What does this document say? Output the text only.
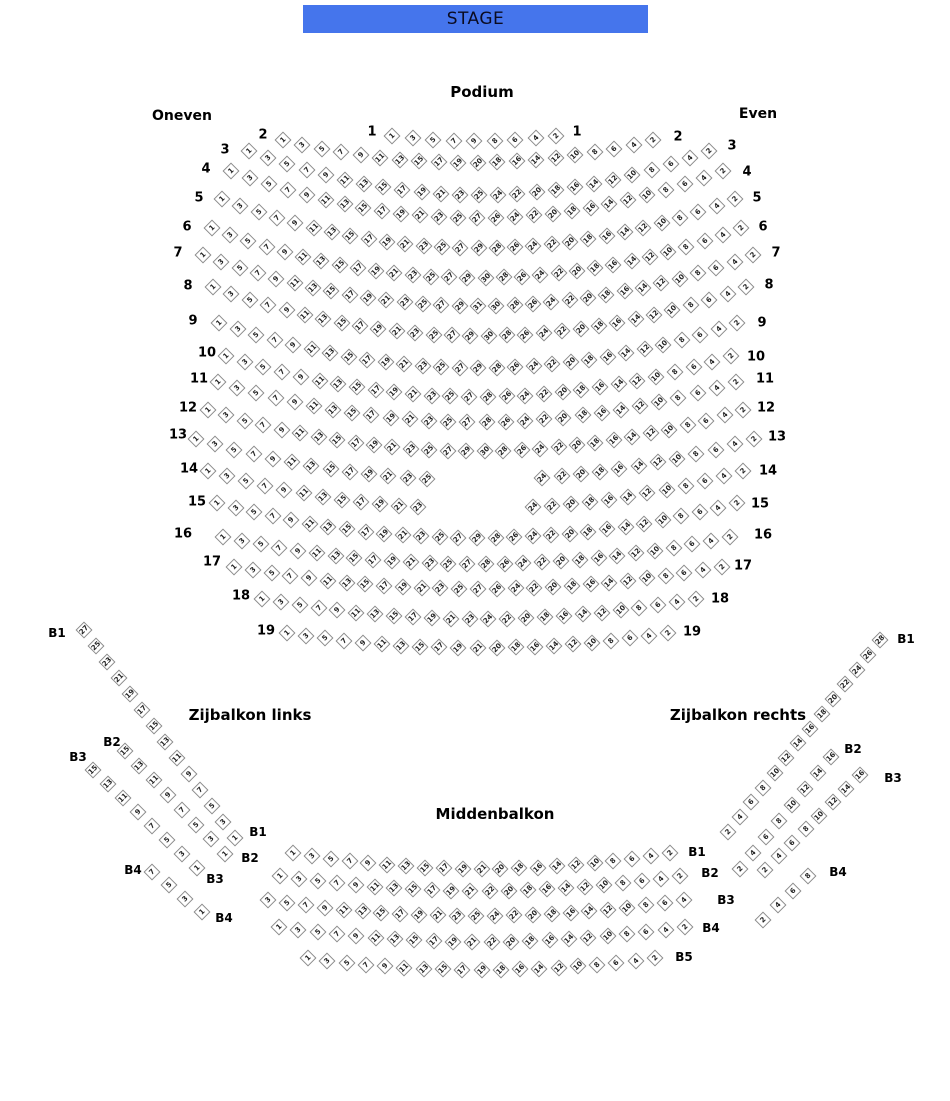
STAGE
Podium
Oneven	Even
Zijbalkon links	Zijbalkon rechts
Middenbalkon
1	3	5	7	9	8	6	4	2
1	1
1
3	5	7	9	11 13 15 17 19 20 18 16 14 12 10	8	6	4
2
2	2
1
3
5
7
9	11 13 15 17 19 21 23 25 24 22 20 18 16 14 12 10	8
6
4
2
3	3
1
3
5
7
9	11 13 15 17 19 21 23 25 27 26 24 22 20 18 16 14 12 10	8
6
4
2
4	4
1
3
5
7
9	11 13 15 17 19 21 23 25 27 29 28 26 24 22 20 18 16 14 12 10	8
6
4
2
5	5
1
3
5
7
9	11 13 15 17 19 21 23 25 27 29 30 28 26 24 22 20 18 16 14 12 10	8
6
4
2
6	6
1
3
5
7
9	11 13 15 17 19 21 23 25 27 29 31 30 28 26 24 22 20 18 16 14 12 10	8
6
4
2
7	7
1
3
5
7
9	11 13 15 17 19 21 23 25 27 29 30 28 26 24 22 20 18 16 14 12 10	8
6
4
2
8	8
1
3
5
7
9	11 13 15 17 19 21 23 25 27 29 28 26 24 22 20 18 16 14 12 10	8
6
4
2
9	9
1
3
5
7	9	11 13 15 17 19 21 23 25 27 28 26 24 22 20 18 16 14 12 10	8
6
4
2
10	10
1
3
5
7	9	11 13 15 17 19 21 23 25 27 28 26 24 22 20 18 16 14 12 10	8
6
4
2
11	11
1
3
5
7	9	11 13 15 17 19 21 23 25 27 29 30 28 26 24 22 20 18 16 14 12 10	8
6
4
2
12	12
1
3
5
7	9	11 13 15 17 19 21 23 25	24 22 20 18 16 14 12 10	8
6
4
2
13	13
1
3
5	7	9	11 13 15 17 19 21 23	24 22 20 18 16 14 12 10	8	6
4
2
14	14
1
3	5	7	9	11 13 15 17 19 21 23 25 27 29 28 26 24 22 20 18 16 14 12 10	8	6	4
2
15	15
1	3	5	7	9	11 13 15 17 19 21 23 25 27 28 26 24 22 20 18 16 14 12 10	8	6	4	2
16	16
1	3	5	7	9	11 13 15 17 19 21 23 25 27 26 24 22 20 18 16 14 12 10	8	6	4	2
17	17
1	3	5	7	9	11 13 15 17 19 21 23 24 22 20 18 16 14 12 10	8	6	4	2
18	18
1	3	5	7	9	11 13 15 17 19 21 20 18 16 14 12 10	8	6	4	2
19	19
27
25
23
21
19
17
15
13
11
9
7
5
3
1
B1
B1
15
13
11
9
7
5
3
1
B2
B2
15
13
11
9
7
5
3
1
B3
B3
7
5
3
1
B4
B4
2
4
6
8
10
12
14
16
18
20
22
24
26
28 B1
2
4
6
8
10
12
14
16
B2
2
4
6
8
10
12
14
16 B3
2
4
6
8	B4
1	3	5	7	9	11 13 15 17 19 21 20 18 16 14 12 10	8	6	4	2	B1
1	3	5	7	9	11 13 15 17 19 21 22 20 18 16 14 12 10	8	6	4	2	B2
3	5	7	9	11 13 15 17 19 21 23 25 24 22 20 18 16 14 12 10	8	6	4	B3
1	3	5	7	9	11 13 15 17 19 21 22 20 18 16 14 12 10	8	6	4	2	B4
1	3	5	7	9	11 13 15 17 19 18 16 14 12 10	8	6	4	2	B5
